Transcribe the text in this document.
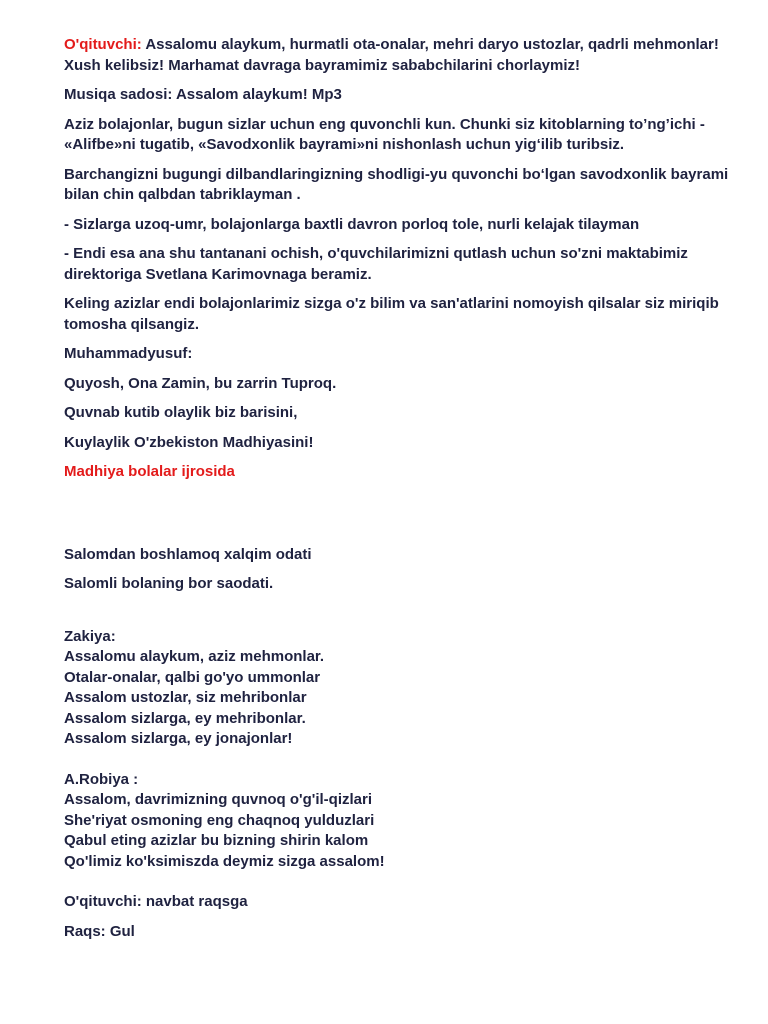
O'qituvchi: Assalomu alaykum, hurmatli ota-onalar, mehri daryo ustozlar, qadrli mehmonlar! Xush kelibsiz! Marhamat davraga bayramimiz sababchilarini chorlaymiz!

Musiqa sadosi: Assalom alaykum! Mp3

Aziz bolajonlar, bugun sizlar uchun eng quvonchli kun. Chunki siz kitoblarning to’ng’ichi - «Alifbe»ni tugatib, «Savodxonlik bayrami»ni nishonlash uchun yig‘ilib turibsiz.

Barchangizni bugungi dilbandlaringizning shodligi-yu quvonchi bo‘lgan savodxonlik bayrami bilan chin qalbdan tabriklayman .

- Sizlarga uzoq-umr, bolajonlarga baxtli davron porloq tole, nurli kelajak tilayman

- Endi esa ana shu tantanani ochish, o'quvchilarimizni qutlash uchun so'zni maktabimiz direktoriga Svetlana Karimovnaga beramiz.

Keling azizlar endi bolajonlarimiz sizga o'z bilim va san'atlarini nomoyish qilsalar siz miriqib tomosha qilsangiz.

Muhammadyusuf:

Quyosh, Ona Zamin, bu zarrin Tuproq.

Quvnab kutib olaylik biz barisini,

Kuylaylik O'zbekiston Madhiyasini!

Madhiya bolalar ijrosida

Salomdan boshlamoq xalqim odati

Salomli bolaning bor saodati.

Zakiya:
Assalomu alaykum, aziz mehmonlar.
Otalar-onalar, qalbi go'yo ummonlar
Assalom ustozlar, siz mehribonlar
Assalom sizlarga, ey mehribonlar.
Assalom sizlarga, ey jonajonlar!
A.Robiya :
Assalom, davrimizning quvnoq o'g'il-qizlari
She'riyat osmoning eng chaqnoq yulduzlari
Qabul eting azizlar bu bizning shirin kalom
Qo'limiz ko'ksimiszda deymiz sizga assalom!

O'qituvchi: navbat raqsga

Raqs: Gul
